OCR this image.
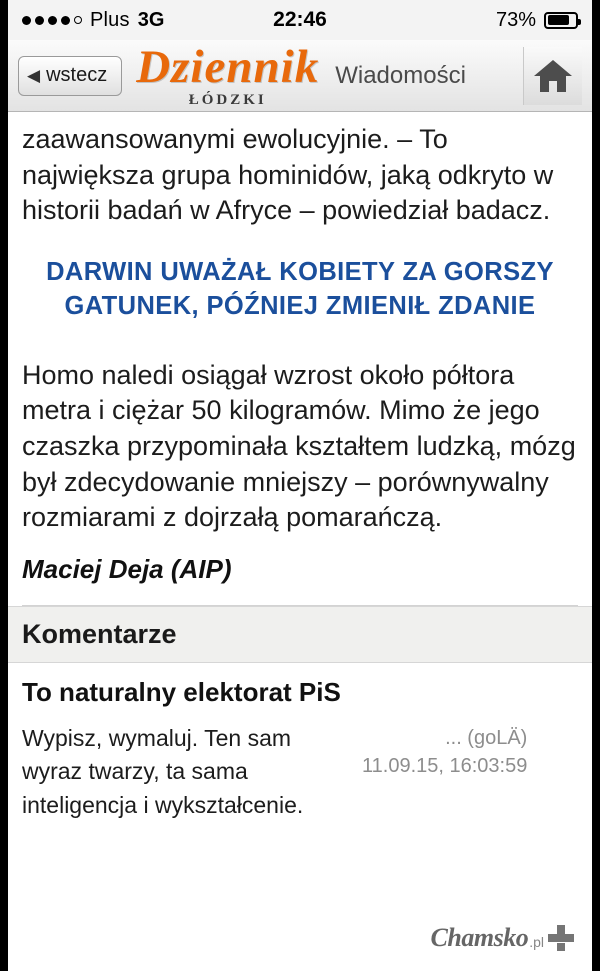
Plus 3G	22:46	73%
◀ wstecz Dziennik
ŁÓDZKI
Wiadomości

zaawansowanymi ewolucyjnie. – To największa grupa hominidów, jaką odkryto w historii badań w Afryce – powiedział badacz.

DARWIN UWAŻAŁ KOBIETY ZA GORSZY GATUNEK, PÓŹNIEJ ZMIENIŁ ZDANIE

Homo naledi osiągał wzrost około półtora metra i ciężar 50 kilogramów. Mimo że jego czaszka przypominała kształtem ludzką, mózg był zdecydowanie mniejszy – porównywalny rozmiarami z dojrzałą pomarańczą.

Maciej Deja (AIP)
Komentarze
To naturalny elektorat PiS
Wypisz, wymaluj. Ten sam wyraz twarzy, ta sama inteligencja i wykształcenie.
... (goLÄ)
11.09.15, 16:03:59
Chamsko .pl
